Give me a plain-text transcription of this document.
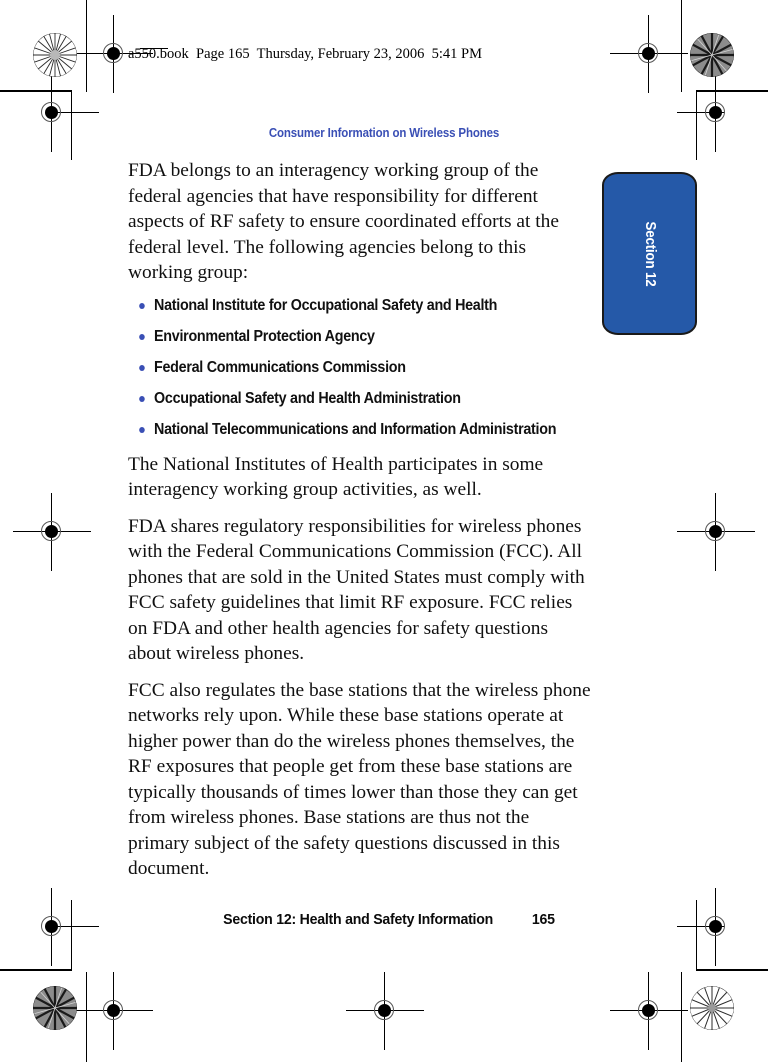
a550.book  Page 165  Thursday, February 23, 2006  5:41 PM
Consumer Information on Wireless Phones
Section 12

FDA belongs to an interagency working group of the federal agencies that have responsibility for different aspects of RF safety to ensure coordinated efforts at the federal level. The following agencies belong to this working group:

National Institute for Occupational Safety and Health
Environmental Protection Agency
Federal Communications Commission
Occupational Safety and Health Administration
National Telecommunications and Information Administration

The National Institutes of Health participates in some interagency working group activities, as well.

FDA shares regulatory responsibilities for wireless phones with the Federal Communications Commission (FCC). All phones that are sold in the United States must comply with FCC safety guidelines that limit RF exposure. FCC relies on FDA and other health agencies for safety questions about wireless phones.

FCC also regulates the base stations that the wireless phone networks rely upon. While these base stations operate at higher power than do the wireless phones themselves, the RF exposures that people get from these base stations are typically thousands of times lower than those they can get from wireless phones. Base stations are thus not the primary subject of the safety questions discussed in this document.

Section 12: Health and Safety Information	165
